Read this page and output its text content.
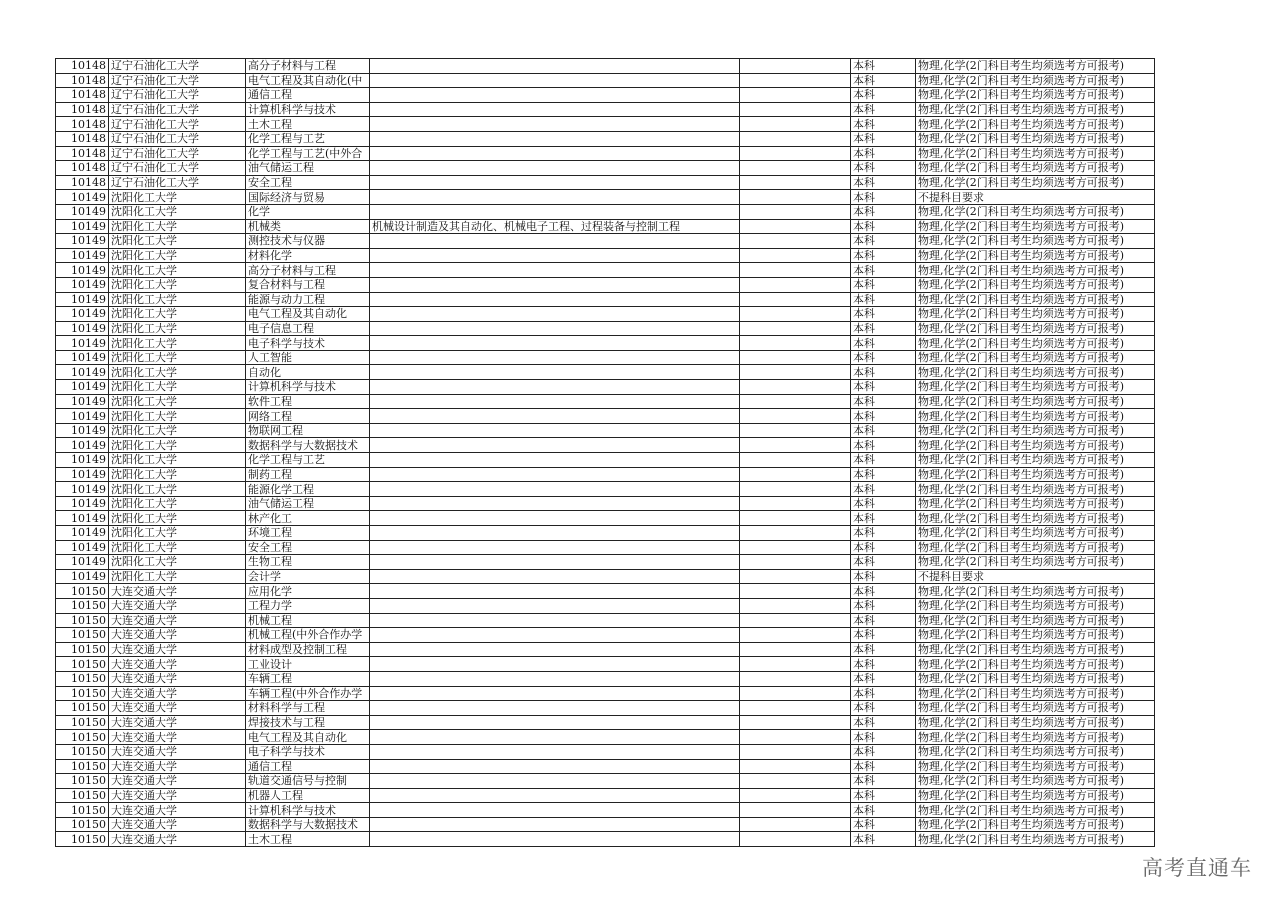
10148	辽宁石油化工大学	高分子材料与工程			本科	物理,化学(2门科目考生均须选考方可报考)
10148	辽宁石油化工大学	电气工程及其自动化(中			本科	物理,化学(2门科目考生均须选考方可报考)
10148	辽宁石油化工大学	通信工程			本科	物理,化学(2门科目考生均须选考方可报考)
10148	辽宁石油化工大学	计算机科学与技术			本科	物理,化学(2门科目考生均须选考方可报考)
10148	辽宁石油化工大学	土木工程			本科	物理,化学(2门科目考生均须选考方可报考)
10148	辽宁石油化工大学	化学工程与工艺			本科	物理,化学(2门科目考生均须选考方可报考)
10148	辽宁石油化工大学	化学工程与工艺(中外合			本科	物理,化学(2门科目考生均须选考方可报考)
10148	辽宁石油化工大学	油气储运工程			本科	物理,化学(2门科目考生均须选考方可报考)
10148	辽宁石油化工大学	安全工程			本科	物理,化学(2门科目考生均须选考方可报考)
10149	沈阳化工大学	国际经济与贸易			本科	不提科目要求
10149	沈阳化工大学	化学			本科	物理,化学(2门科目考生均须选考方可报考)
10149	沈阳化工大学	机械类	机械设计制造及其自动化、机械电子工程、过程装备与控制工程		本科	物理,化学(2门科目考生均须选考方可报考)
10149	沈阳化工大学	测控技术与仪器			本科	物理,化学(2门科目考生均须选考方可报考)
10149	沈阳化工大学	材料化学			本科	物理,化学(2门科目考生均须选考方可报考)
10149	沈阳化工大学	高分子材料与工程			本科	物理,化学(2门科目考生均须选考方可报考)
10149	沈阳化工大学	复合材料与工程			本科	物理,化学(2门科目考生均须选考方可报考)
10149	沈阳化工大学	能源与动力工程			本科	物理,化学(2门科目考生均须选考方可报考)
10149	沈阳化工大学	电气工程及其自动化			本科	物理,化学(2门科目考生均须选考方可报考)
10149	沈阳化工大学	电子信息工程			本科	物理,化学(2门科目考生均须选考方可报考)
10149	沈阳化工大学	电子科学与技术			本科	物理,化学(2门科目考生均须选考方可报考)
10149	沈阳化工大学	人工智能			本科	物理,化学(2门科目考生均须选考方可报考)
10149	沈阳化工大学	自动化			本科	物理,化学(2门科目考生均须选考方可报考)
10149	沈阳化工大学	计算机科学与技术			本科	物理,化学(2门科目考生均须选考方可报考)
10149	沈阳化工大学	软件工程			本科	物理,化学(2门科目考生均须选考方可报考)
10149	沈阳化工大学	网络工程			本科	物理,化学(2门科目考生均须选考方可报考)
10149	沈阳化工大学	物联网工程			本科	物理,化学(2门科目考生均须选考方可报考)
10149	沈阳化工大学	数据科学与大数据技术			本科	物理,化学(2门科目考生均须选考方可报考)
10149	沈阳化工大学	化学工程与工艺			本科	物理,化学(2门科目考生均须选考方可报考)
10149	沈阳化工大学	制药工程			本科	物理,化学(2门科目考生均须选考方可报考)
10149	沈阳化工大学	能源化学工程			本科	物理,化学(2门科目考生均须选考方可报考)
10149	沈阳化工大学	油气储运工程			本科	物理,化学(2门科目考生均须选考方可报考)
10149	沈阳化工大学	林产化工			本科	物理,化学(2门科目考生均须选考方可报考)
10149	沈阳化工大学	环境工程			本科	物理,化学(2门科目考生均须选考方可报考)
10149	沈阳化工大学	安全工程			本科	物理,化学(2门科目考生均须选考方可报考)
10149	沈阳化工大学	生物工程			本科	物理,化学(2门科目考生均须选考方可报考)
10149	沈阳化工大学	会计学			本科	不提科目要求
10150	大连交通大学	应用化学			本科	物理,化学(2门科目考生均须选考方可报考)
10150	大连交通大学	工程力学			本科	物理,化学(2门科目考生均须选考方可报考)
10150	大连交通大学	机械工程			本科	物理,化学(2门科目考生均须选考方可报考)
10150	大连交通大学	机械工程(中外合作办学			本科	物理,化学(2门科目考生均须选考方可报考)
10150	大连交通大学	材料成型及控制工程			本科	物理,化学(2门科目考生均须选考方可报考)
10150	大连交通大学	工业设计			本科	物理,化学(2门科目考生均须选考方可报考)
10150	大连交通大学	车辆工程			本科	物理,化学(2门科目考生均须选考方可报考)
10150	大连交通大学	车辆工程(中外合作办学			本科	物理,化学(2门科目考生均须选考方可报考)
10150	大连交通大学	材料科学与工程			本科	物理,化学(2门科目考生均须选考方可报考)
10150	大连交通大学	焊接技术与工程			本科	物理,化学(2门科目考生均须选考方可报考)
10150	大连交通大学	电气工程及其自动化			本科	物理,化学(2门科目考生均须选考方可报考)
10150	大连交通大学	电子科学与技术			本科	物理,化学(2门科目考生均须选考方可报考)
10150	大连交通大学	通信工程			本科	物理,化学(2门科目考生均须选考方可报考)
10150	大连交通大学	轨道交通信号与控制			本科	物理,化学(2门科目考生均须选考方可报考)
10150	大连交通大学	机器人工程			本科	物理,化学(2门科目考生均须选考方可报考)
10150	大连交通大学	计算机科学与技术			本科	物理,化学(2门科目考生均须选考方可报考)
10150	大连交通大学	数据科学与大数据技术			本科	物理,化学(2门科目考生均须选考方可报考)
10150	大连交通大学	土木工程			本科	物理,化学(2门科目考生均须选考方可报考)
高考直通车
